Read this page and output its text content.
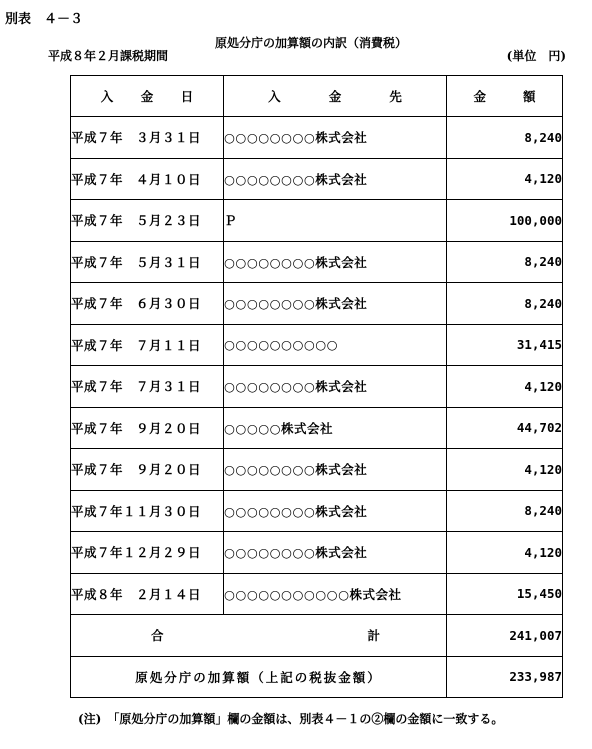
別表　４－３
原処分庁の加算額の内訳（消費税）
平成８年２月課税期間	(単位　円)
入 金 日	入 金 先	金 額

平成７年　３月３１日	○○○○○○○○株式会社	8,240
平成７年　４月１０日	○○○○○○○○株式会社	4,120
平成７年　５月２３日	Ｐ	100,000
平成７年　５月３１日	○○○○○○○○株式会社	8,240
平成７年　６月３０日	○○○○○○○○株式会社	8,240
平成７年　７月１１日	○○○○○○○○○○	31,415
平成７年　７月３１日	○○○○○○○○株式会社	4,120
平成７年　９月２０日	○○○○○株式会社	44,702
平成７年　９月２０日	○○○○○○○○株式会社	4,120
平成７年１１月３０日	○○○○○○○○株式会社	8,240
平成７年１２月２９日	○○○○○○○○株式会社	4,120
平成８年　２月１４日	○○○○○○○○○○○株式会社	15,450

合 計		241,007
原処分庁の加算額（上記の税抜金額）		233,987
(注)　「原処分庁の加算額」欄の金額は、別表４－１の②欄の金額に一致する。
